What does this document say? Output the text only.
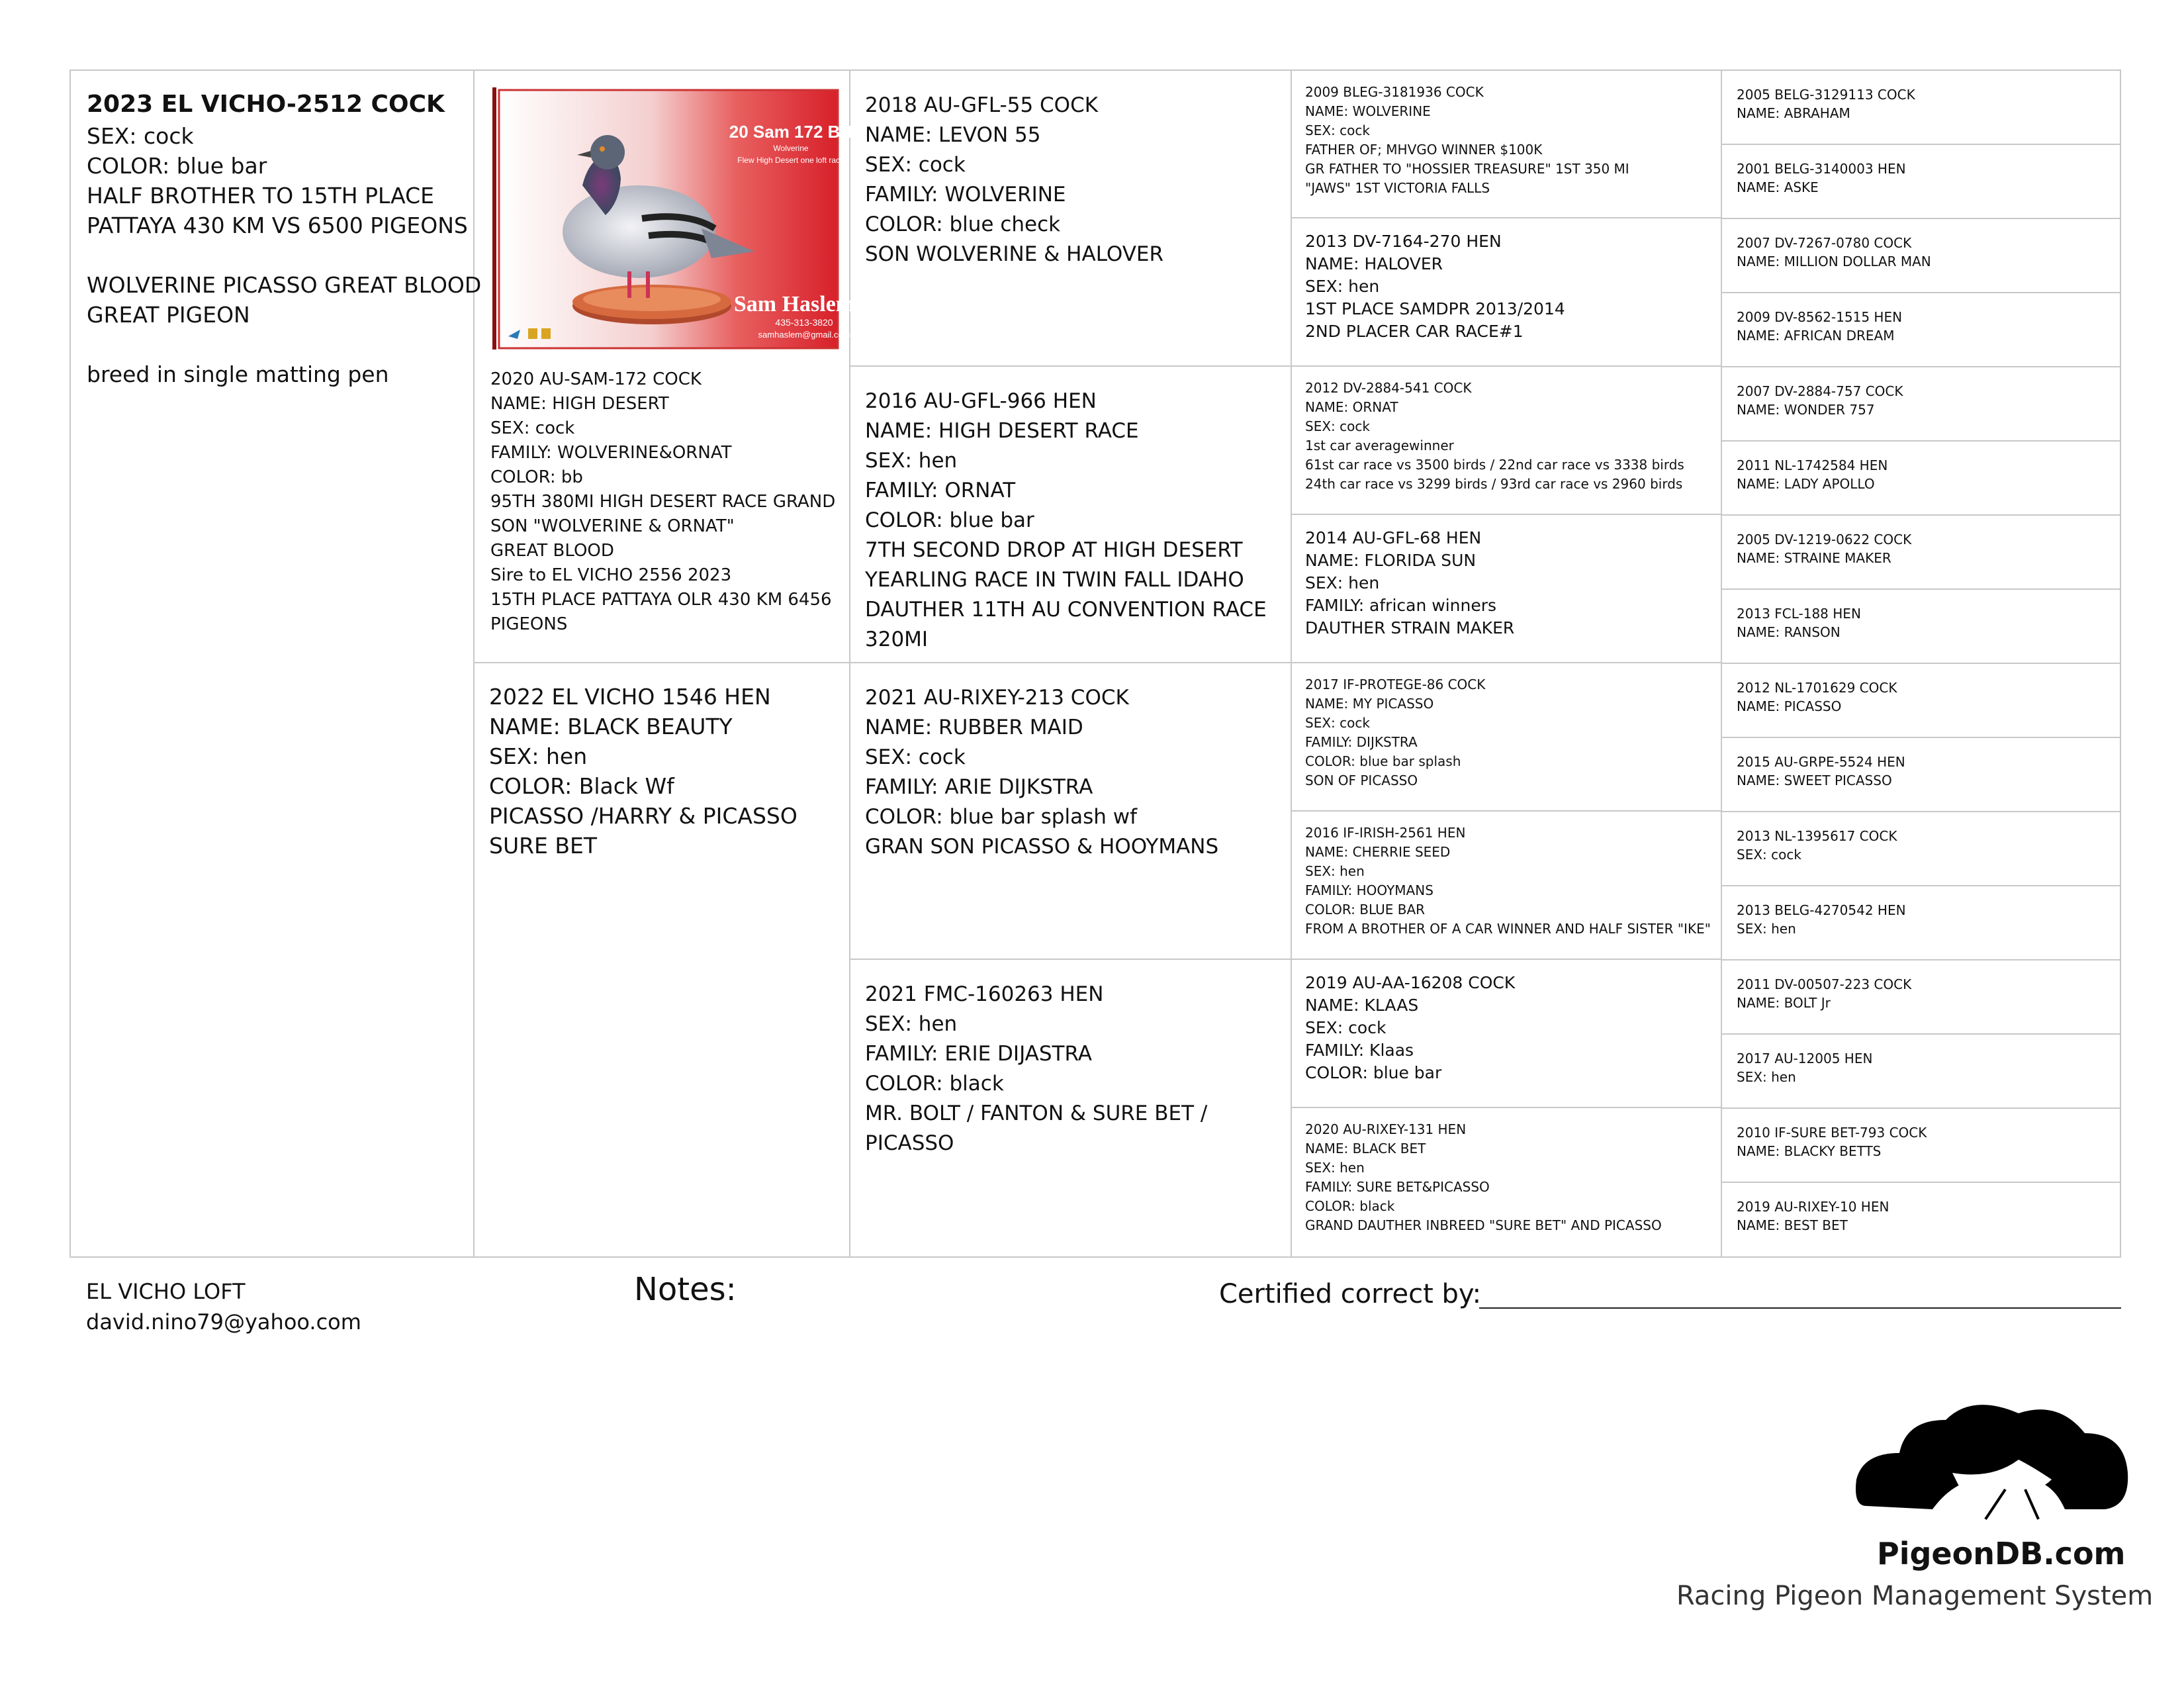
2023 EL VICHO-2512 COCK
SEX: cock
COLOR: blue bar
HALF BROTHER TO 15TH PLACE
PATTAYA 430 KM VS 6500 PIGEONS

WOLVERINE PICASSO GREAT BLOOD
GREAT PIGEON

breed in single matting pen	2020 AU-SAM-172 COCK
NAME: HIGH DESERT
SEX: cock
FAMILY: WOLVERINE&ORNAT
COLOR: bb
95TH 380MI HIGH DESERT RACE GRAND
SON "WOLVERINE & ORNAT"
GREAT BLOOD
Sire to EL VICHO 2556 2023
15TH PLACE PATTAYA OLR 430 KM 6456
PIGEONS
2022 EL VICHO 1546 HEN
NAME: BLACK BEAUTY
SEX: hen
COLOR: Black Wf
PICASSO /HARRY & PICASSO
SURE BET
2018 AU-GFL-55 COCK
NAME: LEVON 55
SEX: cock
FAMILY: WOLVERINE
COLOR: blue check
SON WOLVERINE & HALOVER
2016 AU-GFL-966 HEN
NAME: HIGH DESERT RACE
SEX: hen
FAMILY: ORNAT
COLOR: blue bar
7TH SECOND DROP AT HIGH DESERT
YEARLING RACE IN TWIN FALL IDAHO
DAUTHER 11TH AU CONVENTION RACE
320MI
2021 AU-RIXEY-213 COCK
NAME: RUBBER MAID
SEX: cock
FAMILY: ARIE DIJKSTRA
COLOR: blue bar splash wf
GRAN SON PICASSO & HOOYMANS
2021 FMC-160263 HEN
SEX: hen
FAMILY: ERIE DIJASTRA
COLOR: black
MR. BOLT / FANTON & SURE BET /
PICASSO
2009 BLEG-3181936 COCK
NAME: WOLVERINE
SEX: cock
FATHER OF; MHVGO WINNER $100K
GR FATHER TO "HOSSIER TREASURE" 1ST 350 MI
"JAWS" 1ST VICTORIA FALLS
2013 DV-7164-270 HEN
NAME: HALOVER
SEX: hen
1ST PLACE SAMDPR 2013/2014
2ND PLACER CAR RACE#1
2012 DV-2884-541 COCK
NAME: ORNAT
SEX: cock
1st car averagewinner
61st car race vs 3500 birds / 22nd car race vs 3338 birds
24th car race vs 3299 birds / 93rd car race vs 2960 birds
2014 AU-GFL-68 HEN
NAME: FLORIDA SUN
SEX: hen
FAMILY: african winners
DAUTHER STRAIN MAKER
2017 IF-PROTEGE-86 COCK
NAME: MY PICASSO
SEX: cock
FAMILY: DIJKSTRA
COLOR: blue bar splash
SON OF PICASSO
2016 IF-IRISH-2561 HEN
NAME: CHERRIE SEED
SEX: hen
FAMILY: HOOYMANS
COLOR: BLUE BAR
FROM A BROTHER OF A CAR WINNER AND HALF SISTER "IKE"
2019 AU-AA-16208 COCK
NAME: KLAAS
SEX: cock
FAMILY: Klaas
COLOR: blue bar
2020 AU-RIXEY-131 HEN
NAME: BLACK BET
SEX: hen
FAMILY: SURE BET&PICASSO
COLOR: black
GRAND DAUTHER INBREED "SURE BET" AND PICASSO
2005 BELG-3129113 COCK
NAME: ABRAHAM
2001 BELG-3140003 HEN
NAME: ASKE
2007 DV-7267-0780 COCK
NAME: MILLION DOLLAR MAN
2009 DV-8562-1515 HEN
NAME: AFRICAN DREAM
2007 DV-2884-757 COCK
NAME: WONDER 757
2011 NL-1742584 HEN
NAME: LADY APOLLO
2005 DV-1219-0622 COCK
NAME: STRAINE MAKER
2013 FCL-188 HEN
NAME: RANSON
2012 NL-1701629 COCK
NAME: PICASSO
2015 AU-GRPE-5524 HEN
NAME: SWEET PICASSO
2013 NL-1395617 COCK
SEX: cock
2013 BELG-4270542 HEN
SEX: hen
2011 DV-00507-223 COCK
NAME: BOLT Jr
2017 AU-12005 HEN
SEX: hen
2010 IF-SURE BET-793 COCK
NAME: BLACKY BETTS
2019 AU-RIXEY-10 HEN
NAME: BEST BET
20 Sam 172 BH
Wolverine
Flew High Desert one loft race
Sam Haslem
435-313-3820
samhaslem@gmail.com
EL VICHO LOFT
david.nino79@yahoo.com
Notes:	Certified correct by:
PigeonDB.com
Racing Pigeon Management System
